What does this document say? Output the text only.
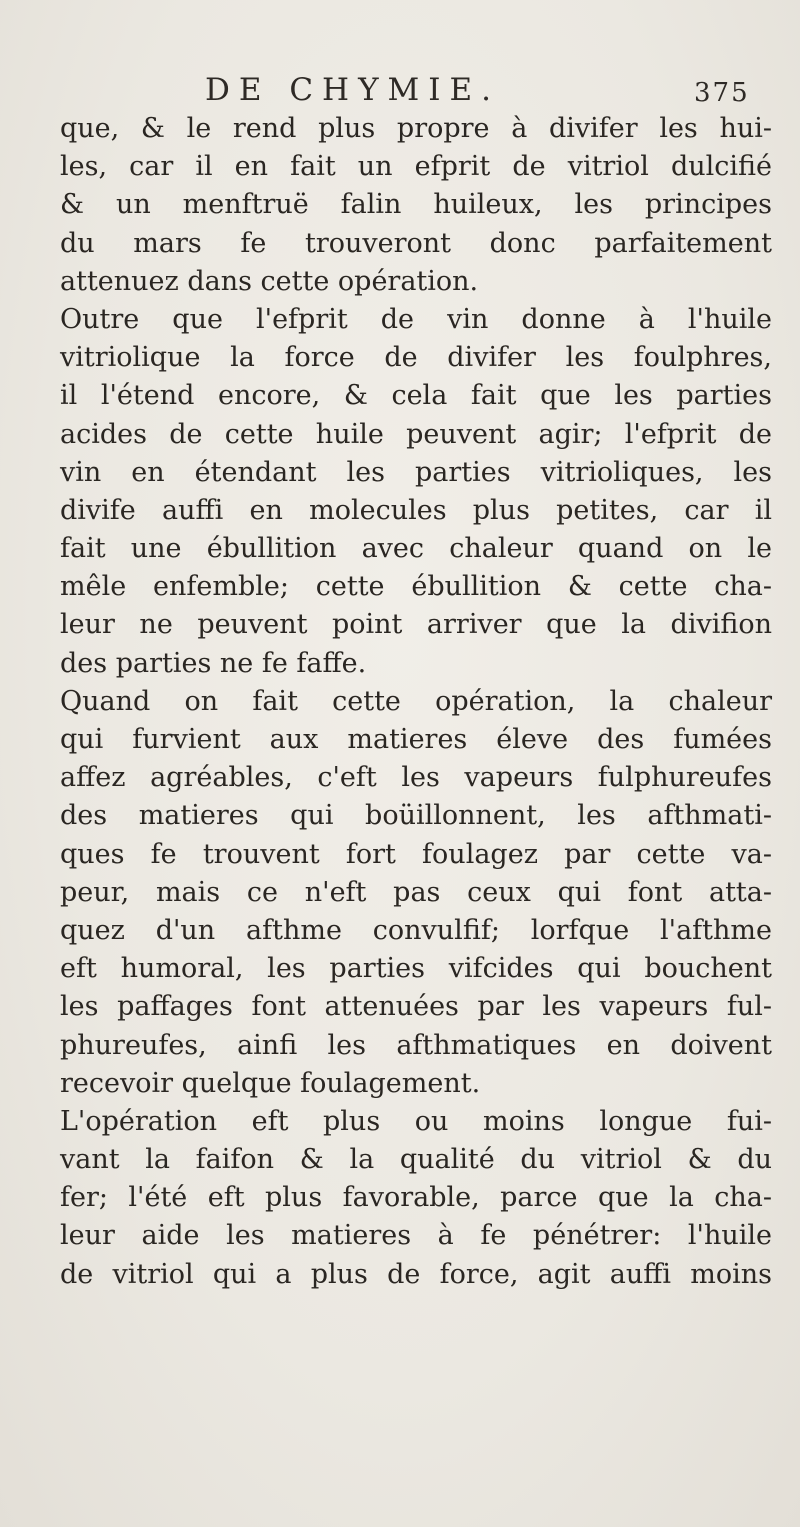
DE CHYMIE.	375
que, & le rend plus propre à divifer les hui-
les, car il en fait un efprit de vitriol dulcifié
& un menftruë falin huileux, les principes
du mars fe trouveront donc parfaitement
attenuez dans cette opération.
Outre que l'efprit de vin donne à l'huile
vitriolique la force de divifer les foulphres,
il l'étend encore, & cela fait que les parties
acides de cette huile peuvent agir; l'efprit de
vin en étendant les parties vitrioliques, les
divife auffi en molecules plus petites, car il
fait une ébullition avec chaleur quand on le
mêle enfemble; cette ébullition & cette cha-
leur ne peuvent point arriver que la divifion
des parties ne fe faffe.
Quand on fait cette opération, la chaleur
qui furvient aux matieres éleve des fumées
affez agréables, c'eft les vapeurs fulphureufes
des matieres qui boüillonnent, les afthmati-
ques fe trouvent fort foulagez par cette va-
peur, mais ce n'eft pas ceux qui font atta-
quez d'un afthme convulfif; lorfque l'afthme
eft humoral, les parties vifcides qui bouchent
les paffages font attenuées par les vapeurs ful-
phureufes, ainfi les afthmatiques en doivent
recevoir quelque foulagement.
L'opération eft plus ou moins longue fui-
vant la faifon & la qualité du vitriol & du
fer; l'été eft plus favorable, parce que la cha-
leur aide les matieres à fe pénétrer: l'huile
de vitriol qui a plus de force, agit auffi moins
